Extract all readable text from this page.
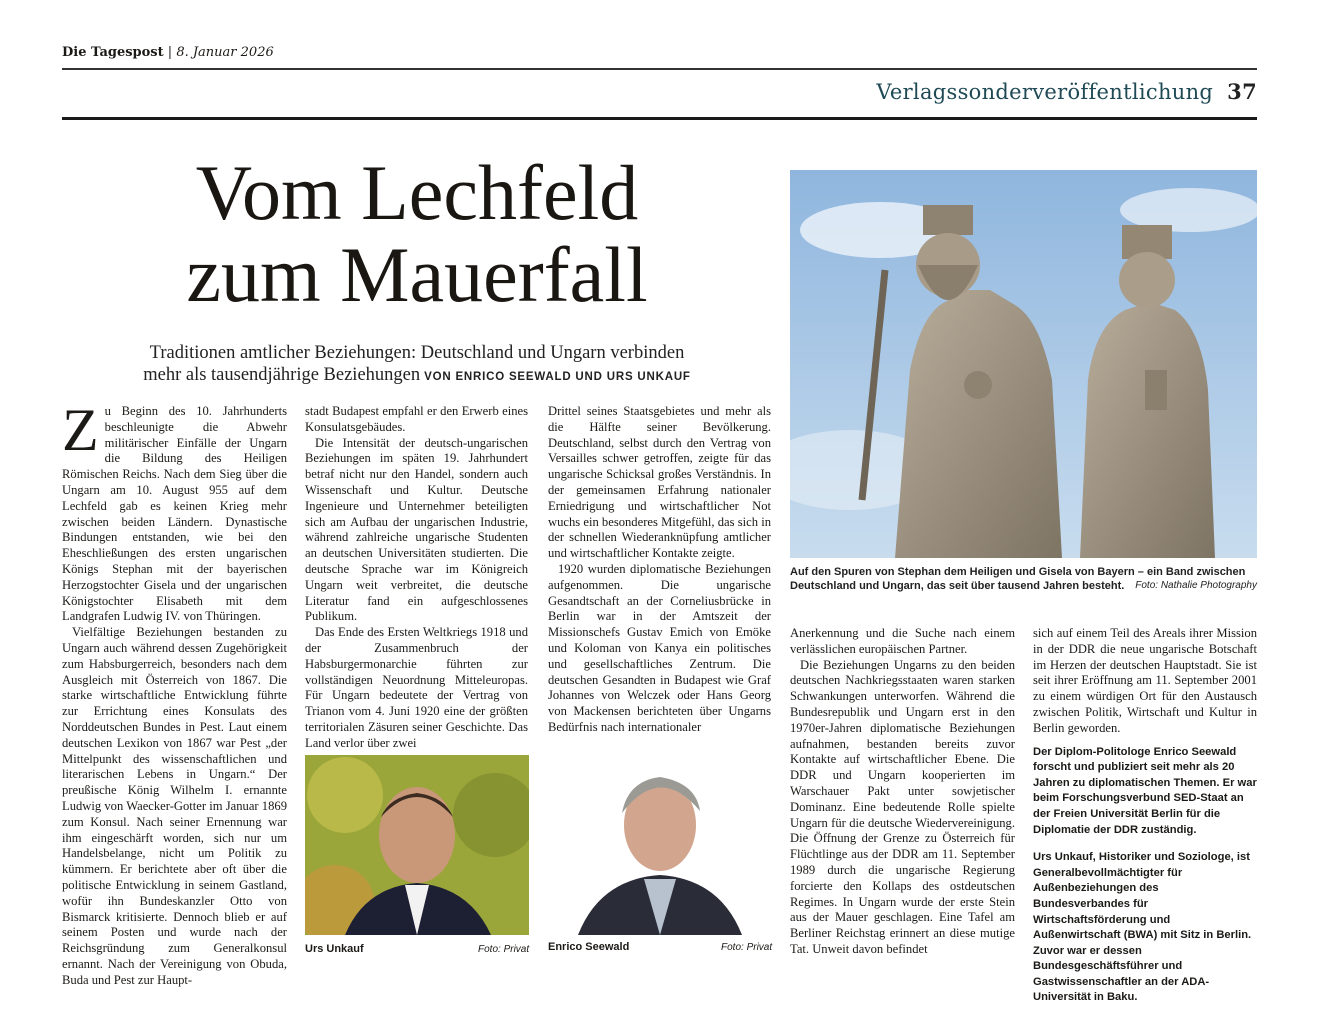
Die Tagespost | 8. Januar 2026
Verlagssonderveröffentlichung 37
Vom Lechfeld
zum Mauerfall
Traditionen amtlicher Beziehungen: Deutschland und Ungarn verbinden
mehr als tausendjährige Beziehungen VON ENRICO SEEWALD UND URS UNKAUF

Zu Beginn des 10. Jahrhunderts beschleunigte die Abwehr militärischer Einfälle der Ungarn die Bildung des Heiligen Römischen Reichs. Nach dem Sieg über die Ungarn am 10. August 955 auf dem Lechfeld gab es keinen Krieg mehr zwischen beiden Ländern. Dynastische Bindungen entstanden, wie bei den Eheschließungen des ersten ungarischen Königs Stephan mit der bayerischen Herzogstochter Gisela und der ungarischen Königstochter Elisabeth mit dem Landgrafen Ludwig IV. von Thüringen.

Vielfältige Beziehungen bestanden zu Ungarn auch während dessen Zugehörigkeit zum Habsburgerreich, besonders nach dem Ausgleich mit Österreich von 1867. Die starke wirtschaftliche Entwicklung führte zur Errichtung eines Konsulats des Norddeutschen Bundes in Pest. Laut einem deutschen Lexikon von 1867 war Pest „der Mittelpunkt des wissenschaftlichen und literarischen Lebens in Ungarn.“ Der preußische König Wilhelm I. ernannte Ludwig von Waecker-Gotter im Januar 1869 zum Konsul. Nach seiner Ernennung war ihm eingeschärft worden, sich nur um Handelsbelange, nicht um Politik zu kümmern. Er berichtete aber oft über die politische Entwicklung in seinem Gastland, wofür ihn Bundeskanzler Otto von Bismarck kritisierte. Dennoch blieb er auf seinem Posten und wurde nach der Reichsgründung zum Generalkonsul ernannt. Nach der Vereinigung von Obuda, Buda und Pest zur Haupt-

stadt Budapest empfahl er den Erwerb eines Konsulatsgebäudes.

Die Intensität der deutsch-ungarischen Beziehungen im späten 19. Jahrhundert betraf nicht nur den Handel, sondern auch Wissenschaft und Kultur. Deutsche Ingenieure und Unternehmer beteiligten sich am Aufbau der ungarischen Industrie, während zahlreiche ungarische Studenten an deutschen Universitäten studierten. Die deutsche Sprache war im Königreich Ungarn weit verbreitet, die deutsche Literatur fand ein aufgeschlossenes Publikum.

Das Ende des Ersten Weltkriegs 1918 und der Zusammenbruch der Habsburgermonarchie führten zur vollständigen Neuordnung Mitteleuropas. Für Ungarn bedeutete der Vertrag von Trianon vom 4. Juni 1920 eine der größten territorialen Zäsuren seiner Geschichte. Das Land verlor über zwei

Drittel seines Staatsgebietes und mehr als die Hälfte seiner Bevölkerung. Deutschland, selbst durch den Vertrag von Versailles schwer getroffen, zeigte für das ungarische Schicksal großes Verständnis. In der gemeinsamen Erfahrung nationaler Erniedrigung und wirtschaftlicher Not wuchs ein besonderes Mitgefühl, das sich in der schnellen Wiederanknüpfung amtlicher und wirtschaftlicher Kontakte zeigte.

1920 wurden diplomatische Beziehungen aufgenommen. Die ungarische Gesandtschaft an der Corneliusbrücke in Berlin war in der Amtszeit der Missionschefs Gustav Emich von Emöke und Koloman von Kanya ein politisches und gesellschaftliches Zentrum. Die deutschen Gesandten in Budapest wie Graf Johannes von Welczek oder Hans Georg von Mackensen berichteten über Ungarns Bedürfnis nach internationaler

Anerkennung und die Suche nach einem verlässlichen europäischen Partner.

Die Beziehungen Ungarns zu den beiden deutschen Nachkriegsstaaten waren starken Schwankungen unterworfen. Während die Bundesrepublik und Ungarn erst in den 1970er-Jahren diplomatische Beziehungen aufnahmen, bestanden bereits zuvor Kontakte auf wirtschaftlicher Ebene. Die DDR und Ungarn kooperierten im Warschauer Pakt unter sowjetischer Dominanz. Eine bedeutende Rolle spielte Ungarn für die deutsche Wiedervereinigung. Die Öffnung der Grenze zu Österreich für Flüchtlinge aus der DDR am 11. September 1989 durch die ungarische Regierung forcierte den Kollaps des ostdeutschen Regimes. In Ungarn wurde der erste Stein aus der Mauer geschlagen. Eine Tafel am Berliner Reichstag erinnert an diese mutige Tat. Unweit davon befindet

sich auf einem Teil des Areals ihrer Mission in der DDR die neue ungarische Botschaft im Herzen der deutschen Hauptstadt. Sie ist seit ihrer Eröffnung am 11. September 2001 zu einem würdigen Ort für den Austausch zwischen Politik, Wirtschaft und Kultur in Berlin geworden.

Der Diplom-Politologe Enrico Seewald forscht und publiziert seit mehr als 20 Jahren zu diplomatischen Themen. Er war beim Forschungsverbund SED-Staat an der Freien Universität Berlin für die Diplomatie der DDR zuständig.

Urs Unkauf, Historiker und Soziologe, ist Generalbevollmächtigter für Außenbeziehungen des Bundesverbandes für Wirtschaftsförderung und Außenwirtschaft (BWA) mit Sitz in Berlin. Zuvor war er dessen Bundesgeschäftsführer und Gastwissenschaftler an der ADA-Universität in Baku.

Auf den Spuren von Stephan dem Heiligen und Gisela von Bayern – ein Band zwischen Deutschland und Ungarn, das seit über tausend Jahren besteht. Foto: Nathalie Photography
Urs Unkauf	Foto: Privat Enrico Seewald	Foto: Privat
